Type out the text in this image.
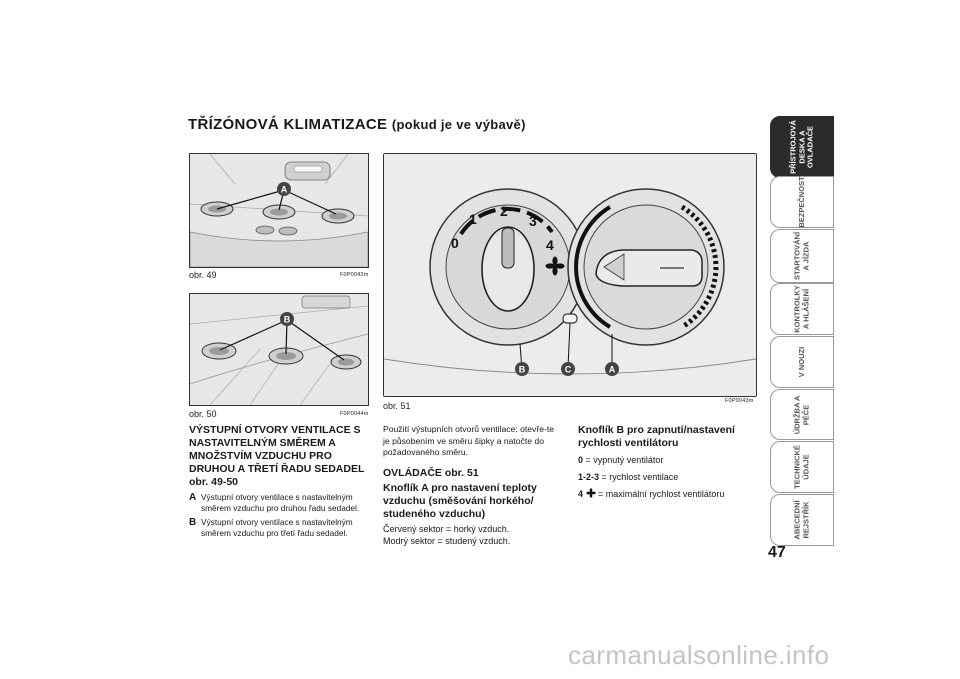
TŘÍZÓNOVÁ KLIMATIZACE (pokud je ve výbavě)
A
obr. 49	F0P0042m
B
obr. 50	F0P0044m
0
1 2
3
4
B	C	A
obr. 51	F0P0043m
VÝSTUPNÍ OTVORY VENTILACE S NASTAVITELNÝM SMĚREM A MNOŽSTVÍM VZDUCHU PRO DRUHOU A TŘETÍ ŘADU SEDADEL obr. 49-50
A Výstupní otvory ventilace s nastavitelným směrem vzduchu pro druhou řadu sedadel.
B Výstupní otvory ventilace s nastavitelným směrem vzduchu pro třetí řadu sedadel.
Použití výstupních otvorů ventilace: otevře-te je působením ve směru šipky a natočte do požadovaného směru.
OVLÁDAČE obr. 51
Knoflík A pro nastavení teploty vzduchu (směšování horkého/ studeného vzduchu)
Červený sektor = horký vzduch.
Modrý sektor = studený vzduch.
Knoflík B pro zapnutí/nastavení rychlosti ventilátoru
0 = vypnutý ventilátor
1-2-3 = rychlost ventilace
4 = maximální rychlost ventilátoru
PŘÍSTROJOVÁ
DESKA A
OVLADAČE
BEZPEČNOST
STARTOVÁNÍ
A JÍZDA
KONTROLKY
A HLÁŠENÍ
V NOUZI
ÚDRŽBA A
PÉČE
TECHNICKÉ
ÚDAJE
ABECEDNÍ
REJSTŘÍK
47
carmanualsonline.info
